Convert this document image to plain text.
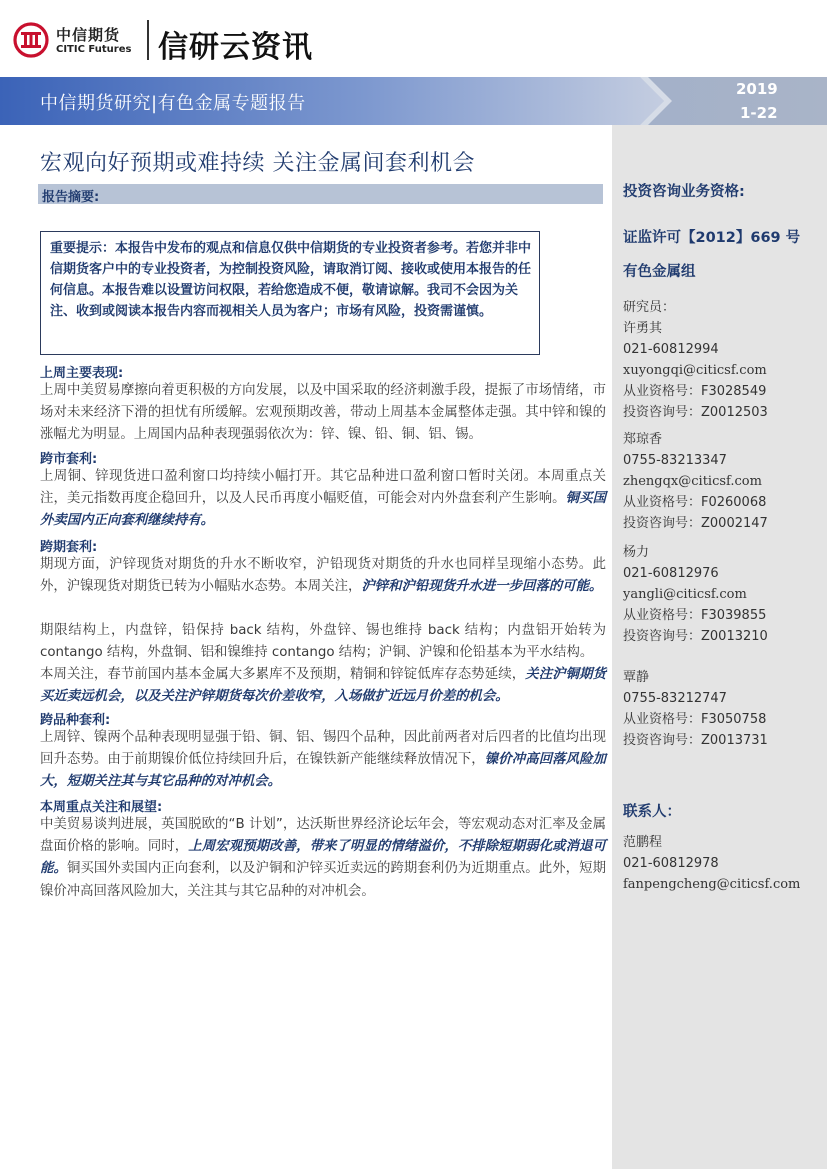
中信期货
CITIC Futures 信研云资讯
中信期货研究|有色金属专题报告
2019
1-22
投资咨询业务资格:
证监许可【2012】669 号
有色金属组
研究员：
许勇其
021-60812994
xuyongqi@citicsf.com
从业资格号：F3028549
投资咨询号：Z0012503
郑琼香
0755-83213347
zhengqx@citicsf.com
从业资格号：F0260068
投资咨询号：Z0002147
杨力
021-60812976
yangli@citicsf.com
从业资格号：F3039855
投资咨询号：Z0013210
覃静
0755-83212747
从业资格号：F3050758
投资咨询号：Z0013731
联系人：
范鹏程
021-60812978
fanpengcheng@citicsf.com
宏观向好预期或难持续 关注金属间套利机会
报告摘要:
重要提示：本报告中发布的观点和信息仅供中信期货的专业投资者参考。若您并非中信期货客户中的专业投资者，为控制投资风险，请取消订阅、接收或使用本报告的任何信息。本报告难以设置访问权限，若给您造成不便，敬请谅解。我司不会因为关注、收到或阅读本报告内容而视相关人员为客户；市场有风险，投资需谨慎。
上周主要表现:
上周中美贸易摩擦向着更积极的方向发展，以及中国采取的经济刺激手段，提振了市场情绪，市场对未来经济下滑的担忧有所缓解。宏观预期改善，带动上周基本金属整体走强。其中锌和镍的涨幅尤为明显。上周国内品种表现强弱依次为：锌、镍、铅、铜、铝、锡。
跨市套利:
上周铜、锌现货进口盈利窗口均持续小幅打开。其它品种进口盈利窗口暂时关闭。本周重点关注，美元指数再度企稳回升，以及人民币再度小幅贬值，可能会对内外盘套利产生影响。铜买国外卖国内正向套利继续持有。
跨期套利:
期现方面，沪锌现货对期货的升水不断收窄，沪铅现货对期货的升水也同样呈现缩小态势。此外，沪镍现货对期货已转为小幅贴水态势。本周关注，沪锌和沪铅现货升水进一步回落的可能。
期限结构上，内盘锌，铅保持 back 结构，外盘锌、锡也维持 back 结构；内盘铝开始转为 contango 结构，外盘铜、铝和镍维持 contango 结构；沪铜、沪镍和伦铅基本为平水结构。
本周关注，春节前国内基本金属大多累库不及预期，精铜和锌锭低库存态势延续，关注沪铜期货买近卖远机会，以及关注沪锌期货每次价差收窄，入场做扩近远月价差的机会。
跨品种套利:
上周锌、镍两个品种表现明显强于铅、铜、铝、锡四个品种，因此前两者对后四者的比值均出现回升态势。由于前期镍价低位持续回升后，在镍铁新产能继续释放情况下，镍价冲高回落风险加大，短期关注其与其它品种的对冲机会。
本周重点关注和展望:
中美贸易谈判进展，英国脱欧的“B 计划”，达沃斯世界经济论坛年会，等宏观动态对汇率及金属盘面价格的影响。同时，上周宏观预期改善，带来了明显的情绪溢价，不排除短期弱化或消退可能。铜买国外卖国内正向套利，以及沪铜和沪锌买近卖远的跨期套利仍为近期重点。此外，短期镍价冲高回落风险加大，关注其与其它品种的对冲机会。
